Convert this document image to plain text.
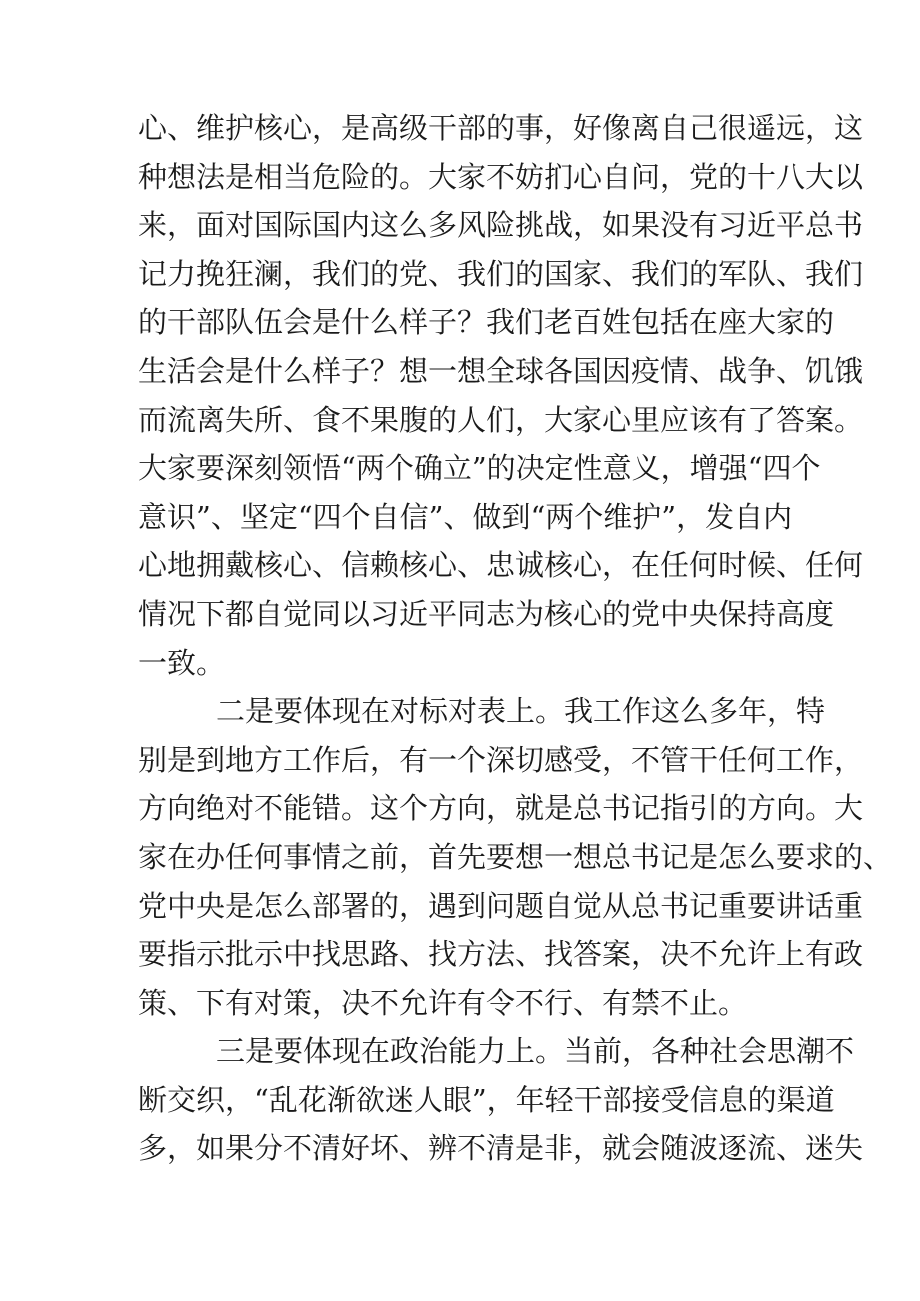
心、维护核心，是高级干部的事，好像离自己很遥远，这
种想法是相当危险的。大家不妨扪心自问，党的十八大以
来，面对国际国内这么多风险挑战，如果没有习近平总书
记力挽狂澜，我们的党、我们的国家、我们的军队、我们
的干部队伍会是什么样子？我们老百姓包括在座大家的
生活会是什么样子？想一想全球各国因疫情、战争、饥饿
而流离失所、食不果腹的人们，大家心里应该有了答案。
大家要深刻领悟“两个确立”的决定性意义，增强“四个
意识”、坚定“四个自信”、做到“两个维护”，发自内
心地拥戴核心、信赖核心、忠诚核心，在任何时候、任何
情况下都自觉同以习近平同志为核心的党中央保持高度
一致。
二是要体现在对标对表上。我工作这么多年，特
别是到地方工作后，有一个深切感受，不管干任何工作，
方向绝对不能错。这个方向，就是总书记指引的方向。大
家在办任何事情之前，首先要想一想总书记是怎么要求的、
党中央是怎么部署的，遇到问题自觉从总书记重要讲话重
要指示批示中找思路、找方法、找答案，决不允许上有政
策、下有对策，决不允许有令不行、有禁不止。
三是要体现在政治能力上。当前，各种社会思潮不
断交织，“乱花渐欲迷人眼”，年轻干部接受信息的渠道
多，如果分不清好坏、辨不清是非，就会随波逐流、迷失
